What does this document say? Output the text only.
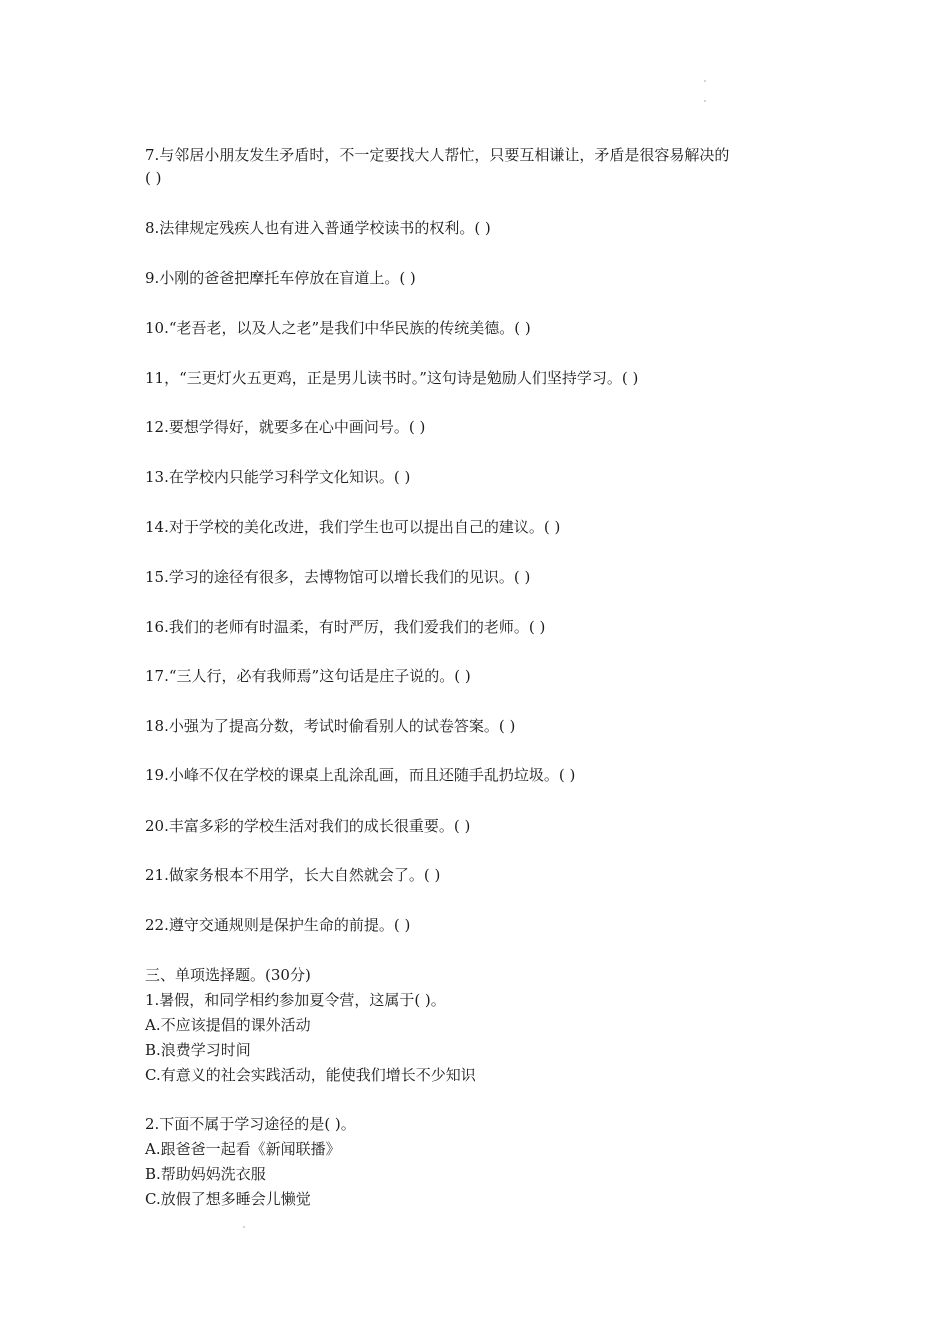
7.与邻居小朋友发生矛盾时，不一定要找大人帮忙，只要互相谦让，矛盾是很容易解决的
( )
8.法律规定残疾人也有进入普通学校读书的权利。( )
9.小刚的爸爸把摩托车停放在盲道上。( )
10.“老吾老，以及人之老”是我们中华民族的传统美德。( )
11，“三更灯火五更鸡，正是男儿读书时。”这句诗是勉励人们坚持学习。( )
12.要想学得好，就要多在心中画问号。( )
13.在学校内只能学习科学文化知识。( )
14.对于学校的美化改进，我们学生也可以提出自己的建议。( )
15.学习的途径有很多，去博物馆可以增长我们的见识。( )
16.我们的老师有时温柔，有时严厉，我们爱我们的老师。( )
17.“三人行，必有我师焉”这句话是庄子说的。( )
18.小强为了提高分数，考试时偷看别人的试卷答案。( )
19.小峰不仅在学校的课桌上乱涂乱画，而且还随手乱扔垃圾。( )
20.丰富多彩的学校生活对我们的成长很重要。( )
21.做家务根本不用学，长大自然就会了。( )
22.遵守交通规则是保护生命的前提。( )
三、单项选择题。(30分)
1.暑假，和同学相约参加夏令营，这属于( )。
A.不应该提倡的课外活动
B.浪费学习时间
C.有意义的社会实践活动，能使我们增长不少知识
2.下面不属于学习途径的是( )。
A.跟爸爸一起看《新闻联播》
B.帮助妈妈洗衣服
C.放假了想多睡会儿懒觉
